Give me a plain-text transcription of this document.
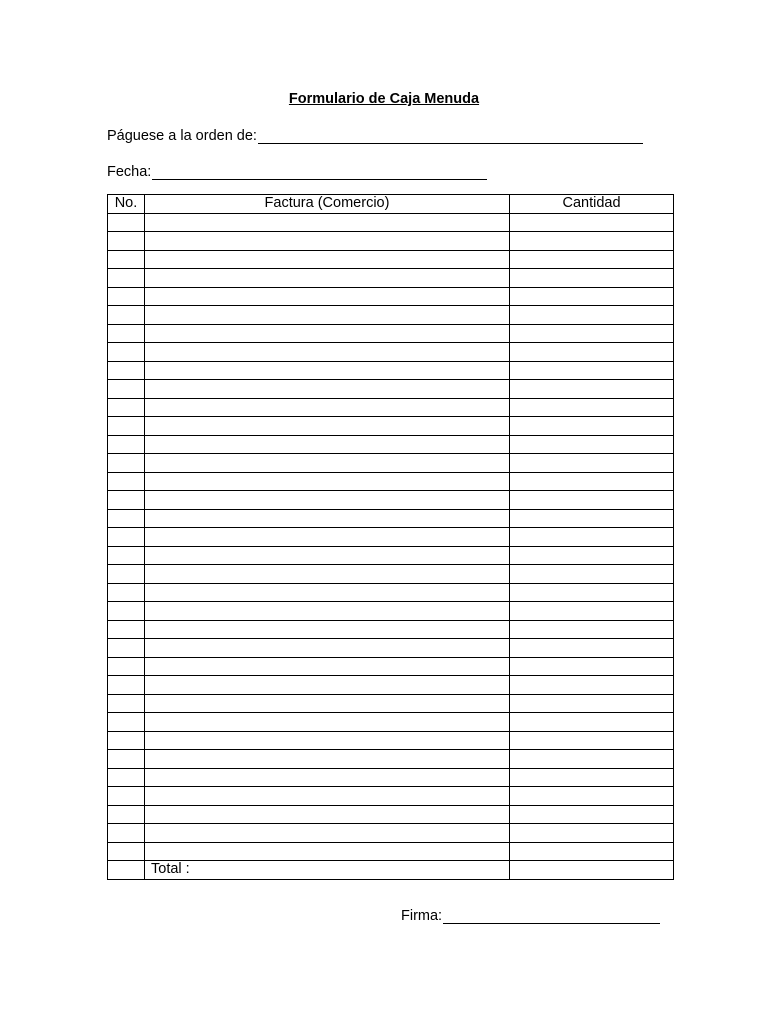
Formulario de Caja Menuda
Páguese a la orden de:
Fecha:
No.	Factura (Comercio)	Cantidad

	Total :	
Firma:
